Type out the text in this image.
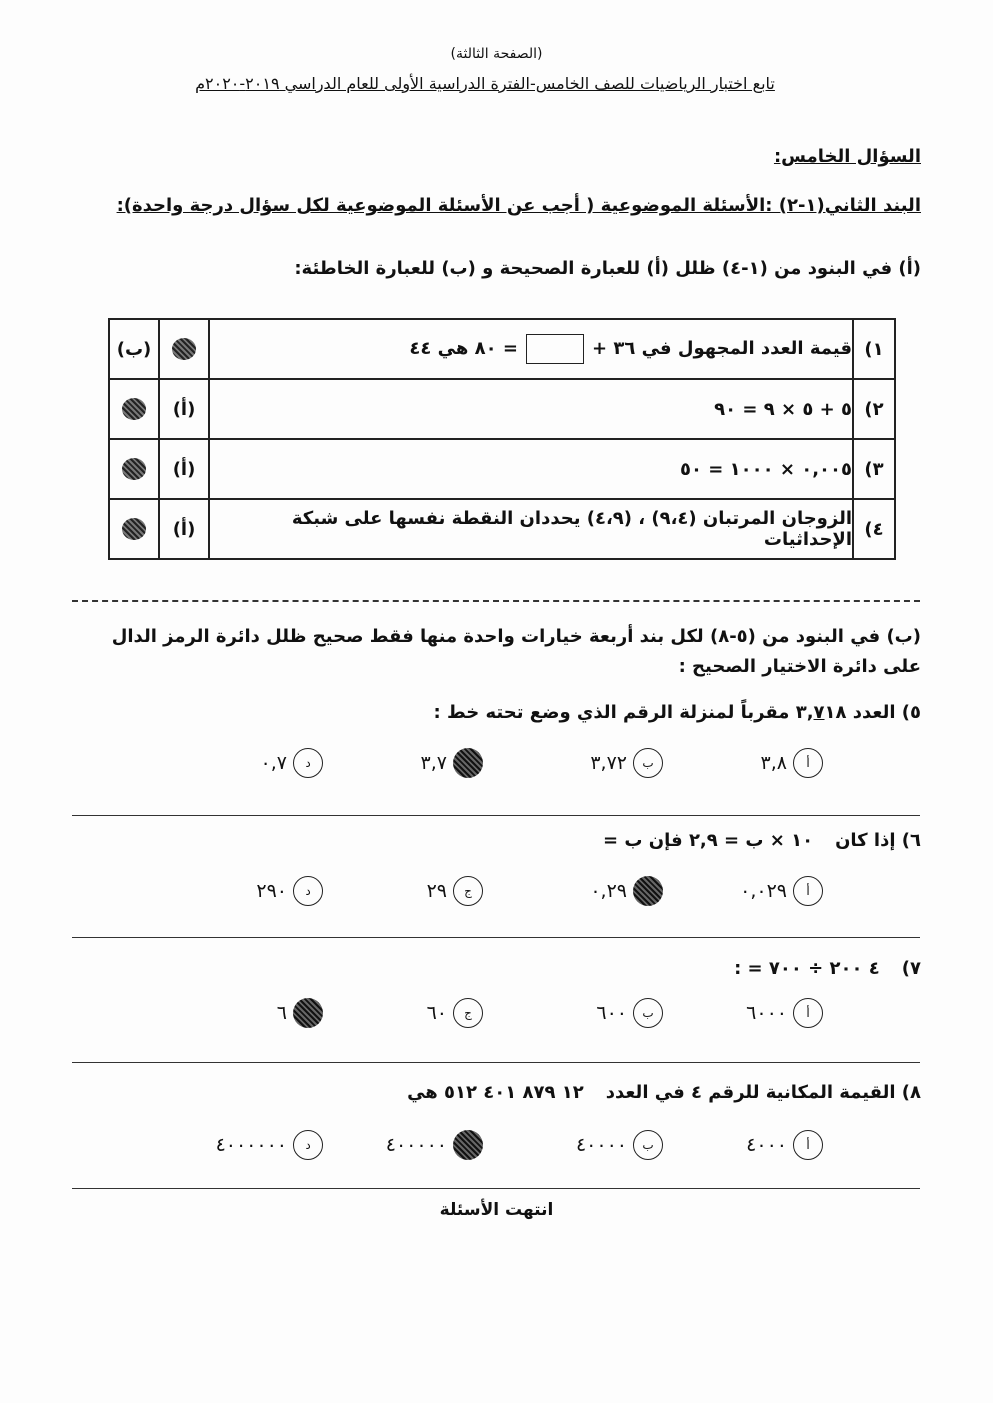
(الصفحة الثالثة)
تابع اختبار الرياضيات للصف الخامس-الفترة الدراسية الأولى للعام الدراسي ٢٠١٩-٢٠٢٠م
السؤال الخامس:
البند الثاني(١-٢) :الأسئلة الموضوعية ( أجب عن الأسئلة الموضوعية لكل سؤال درجة واحدة):
(أ) في البنود من (١-٤) ظلل (أ) للعبارة الصحيحة و (ب) للعبارة الخاطئة:
١)	قيمة العدد المجهول في ٣٦ += ٨٠ هي ٤٤		(ب)
٢)	٥ + ٥ × ٩ = ٩٠	(أ)	
٣)	٠,٠٠٥ × ١٠٠٠ = ٥٠	(أ)	
٤)	الزوجان المرتبان (٩،٤) ، (٤،٩) يحددان النقطة نفسها على شبكة الإحداثيات	(أ)	
(ب) في البنود من (٥-٨) لكل بند أربعة خيارات واحدة منها فقط صحيح ظلل دائرة الرمز الدال على دائرة الاختيار الصحيح :
٥) العدد ٣,٧١٨ مقرباً لمنزلة الرقم الذي وضع تحته خط :
أ
٣,٨
ب
٣,٧٢
٣,٧
د
٠,٧
٦) إذا كان١٠ × ب = ٢,٩ فإن ب =
أ
٠,٠٢٩
٠,٢٩
ج
٢٩
د
٢٩٠
٧)٤ ٢٠٠ ÷ ٧٠٠ = :
أ
٦٠٠٠
ب
٦٠٠
ج
٦٠
٦
٨) القيمة المكانية للرقم ٤ في العدد١٢ ٨٧٩ ٤٠١ ٥١٢ هي
أ
٤٠٠٠
ب
٤٠٠٠٠
٤٠٠٠٠٠
د
٤٠٠٠٠٠٠
انتهت الأسئلة
